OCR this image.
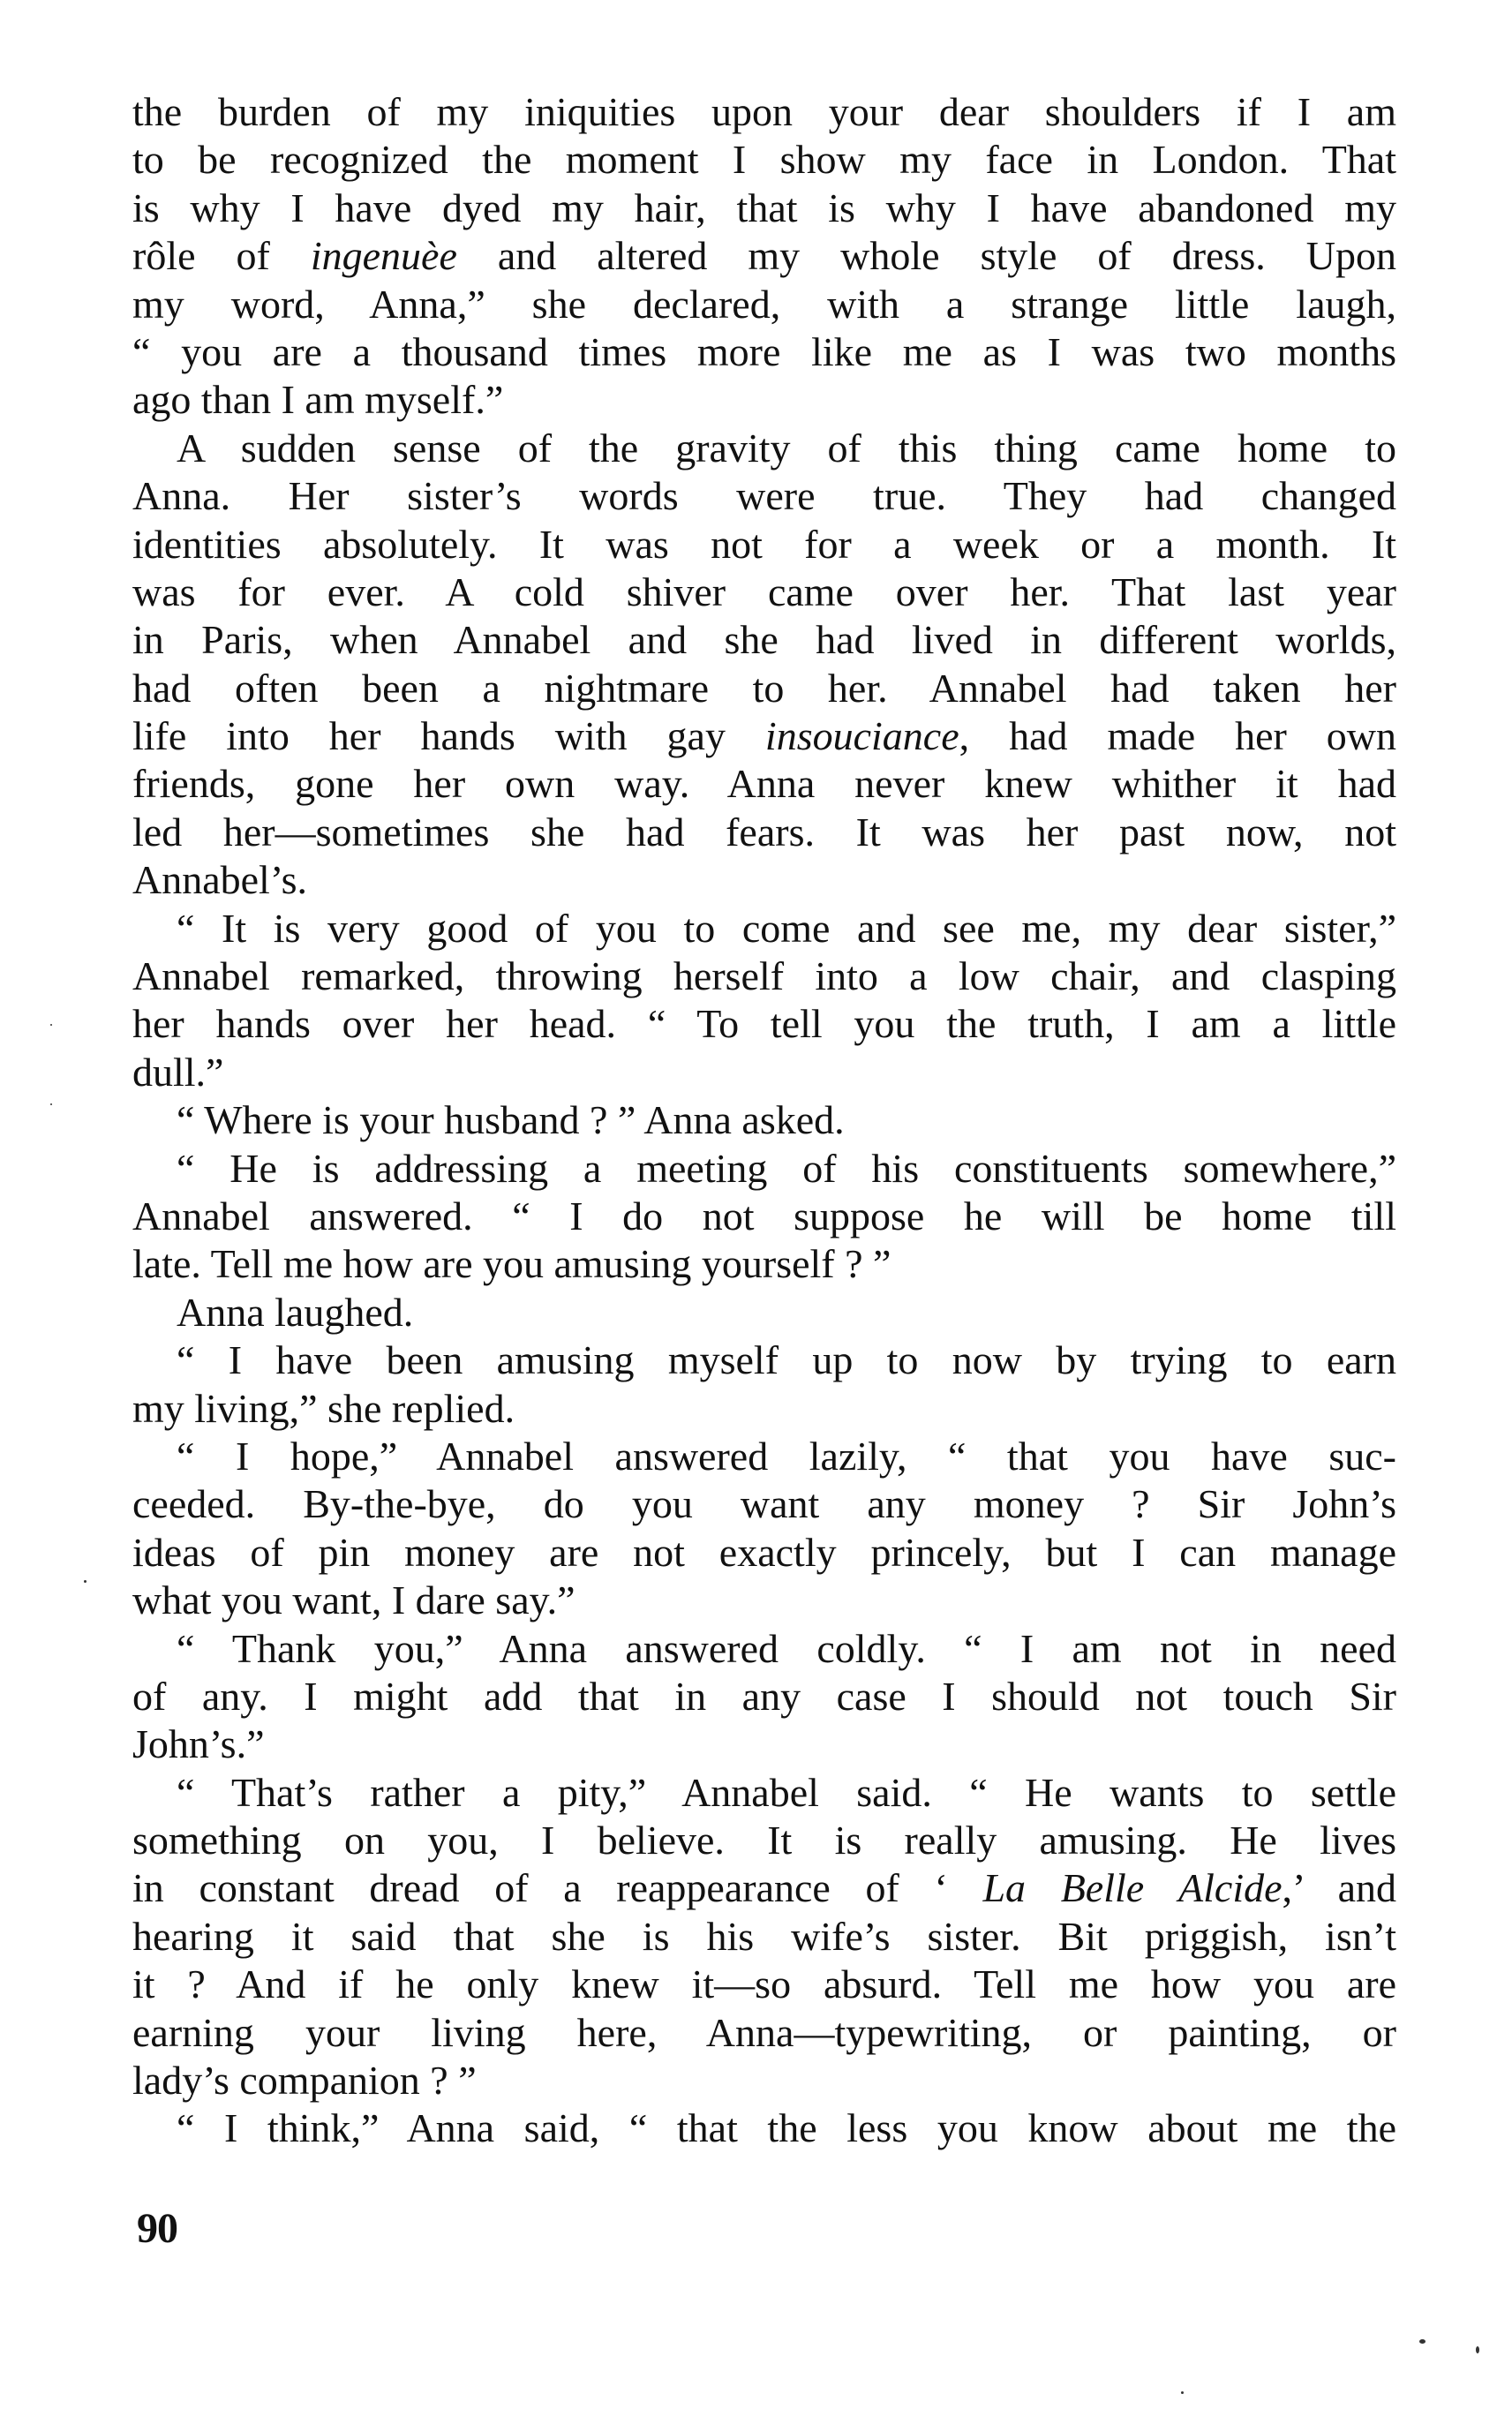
the burden of my iniquities upon your dear shoulders if I am
to be recognized the moment I show my face in London. That
is why I have dyed my hair, that is why I have abandoned my
rôle of ingenuèe and altered my whole style of dress. Upon
my word, Anna,” she declared, with a strange little laugh,
“ you are a thousand times more like me as I was two months
ago than I am myself.”
A sudden sense of the gravity of this thing came home to
Anna. Her sister’s words were true. They had changed
identities absolutely. It was not for a week or a month. It
was for ever. A cold shiver came over her. That last year
in Paris, when Annabel and she had lived in different worlds,
had often been a nightmare to her. Annabel had taken her
life into her hands with gay insouciance, had made her own
friends, gone her own way. Anna never knew whither it had
led her—sometimes she had fears. It was her past now, not
Annabel’s.
“ It is very good of you to come and see me, my dear sister,”
Annabel remarked, throwing herself into a low chair, and clasping
her hands over her head. “ To tell you the truth, I am a little
dull.”
“ Where is your husband ? ” Anna asked.
“ He is addressing a meeting of his constituents somewhere,”
Annabel answered. “ I do not suppose he will be home till
late. Tell me how are you amusing yourself ? ”
Anna laughed.
“ I have been amusing myself up to now by trying to earn
my living,” she replied.
“ I hope,” Annabel answered lazily, “ that you have suc-
ceeded. By-the-bye, do you want any money ? Sir John’s
ideas of pin money are not exactly princely, but I can manage
what you want, I dare say.”
“ Thank you,” Anna answered coldly. “ I am not in need
of any. I might add that in any case I should not touch Sir
John’s.”
“ That’s rather a pity,” Annabel said. “ He wants to settle
something on you, I believe. It is really amusing. He lives
in constant dread of a reappearance of ‘ La Belle Alcide,’ and
hearing it said that she is his wife’s sister. Bit priggish, isn’t
it ? And if he only knew it—so absurd. Tell me how you are
earning your living here, Anna—typewriting, or painting, or
lady’s companion ? ”
“ I think,” Anna said, “ that the less you know about me the
90
